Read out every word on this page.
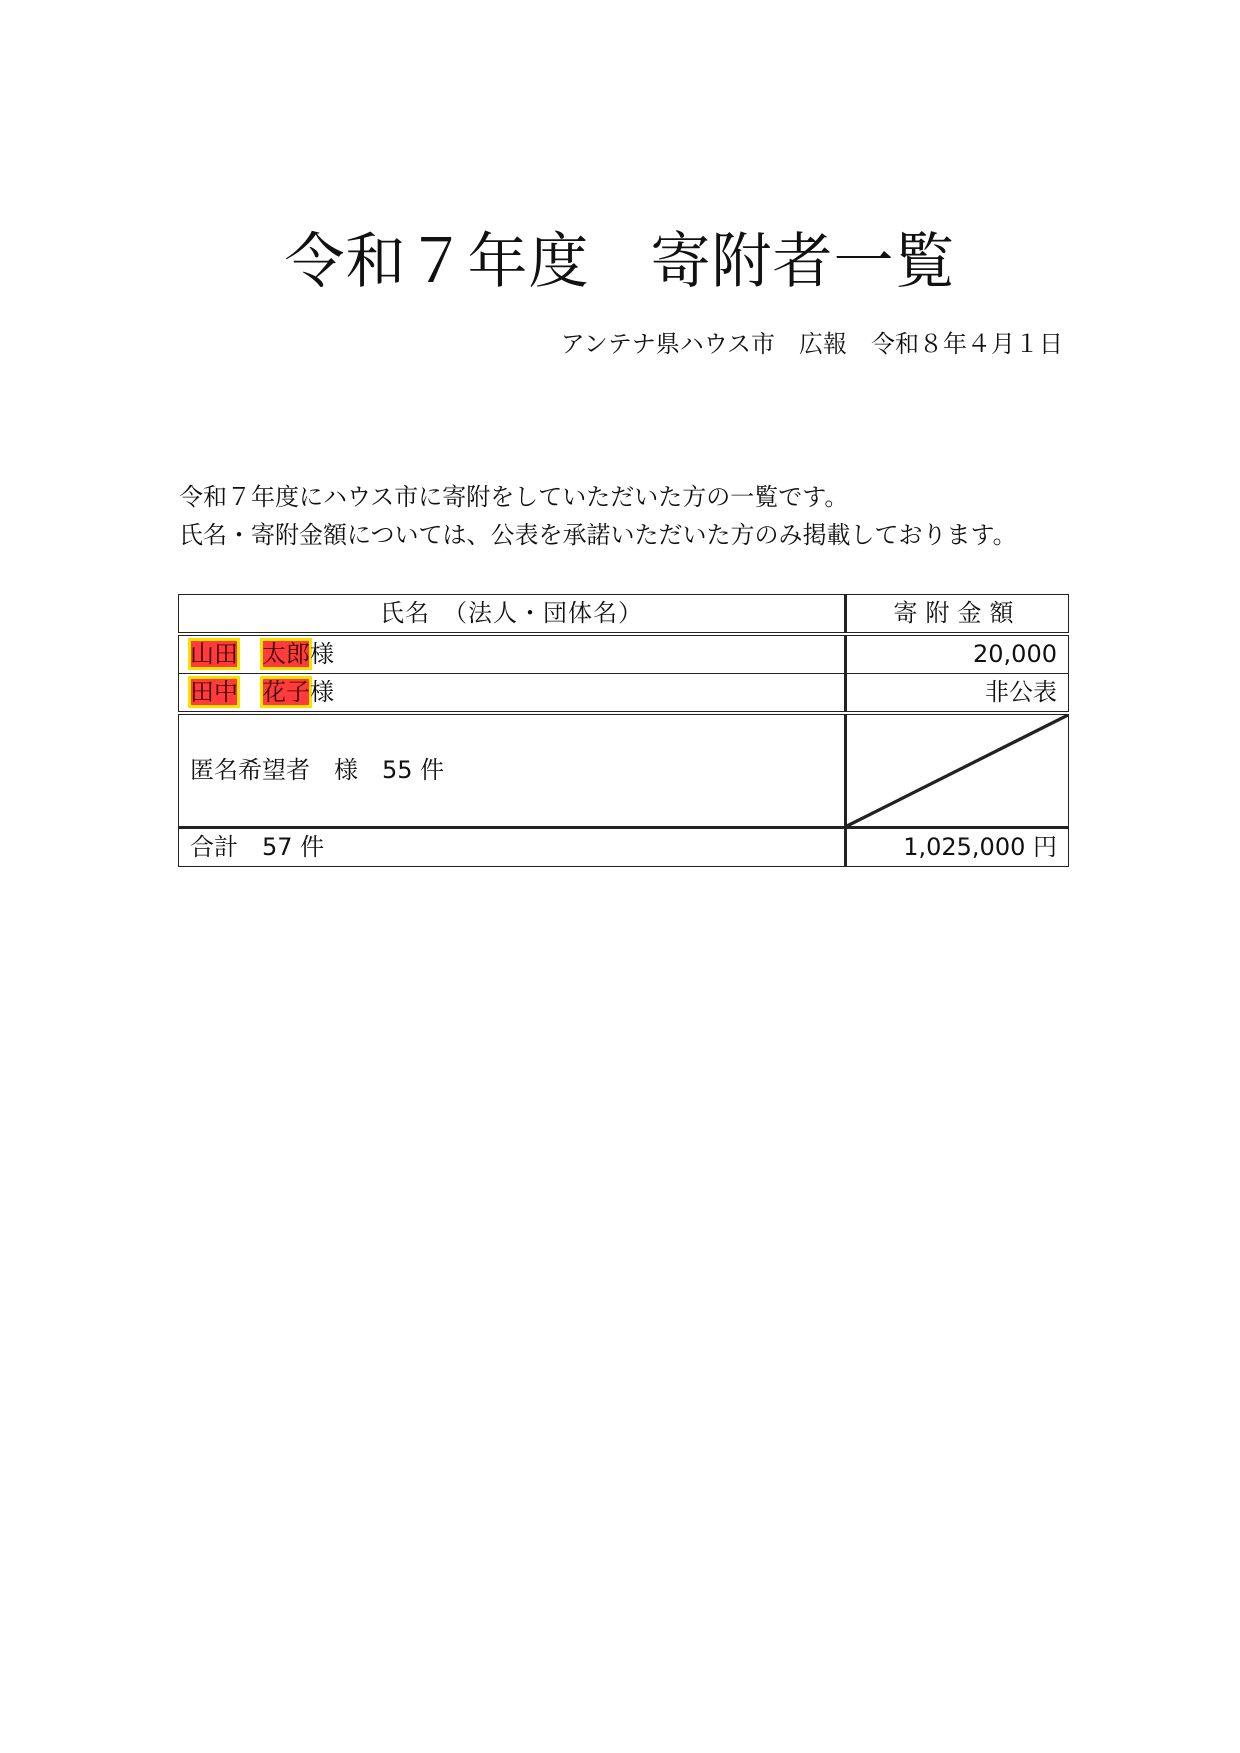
令和７年度　寄附者一覧
アンテナ県ハウス市　広報　令和８年４月１日
令和７年度にハウス市に寄附をしていただいた方の一覧です。
氏名・寄附金額については、公表を承諾いただいた方のみ掲載しております。
氏名　（法人・団体名）	寄附金額
山田 太郎様	20,000
田中 花子様	非公表
匿名希望者　様　55 件	

合計　57 件	1,025,000 円
